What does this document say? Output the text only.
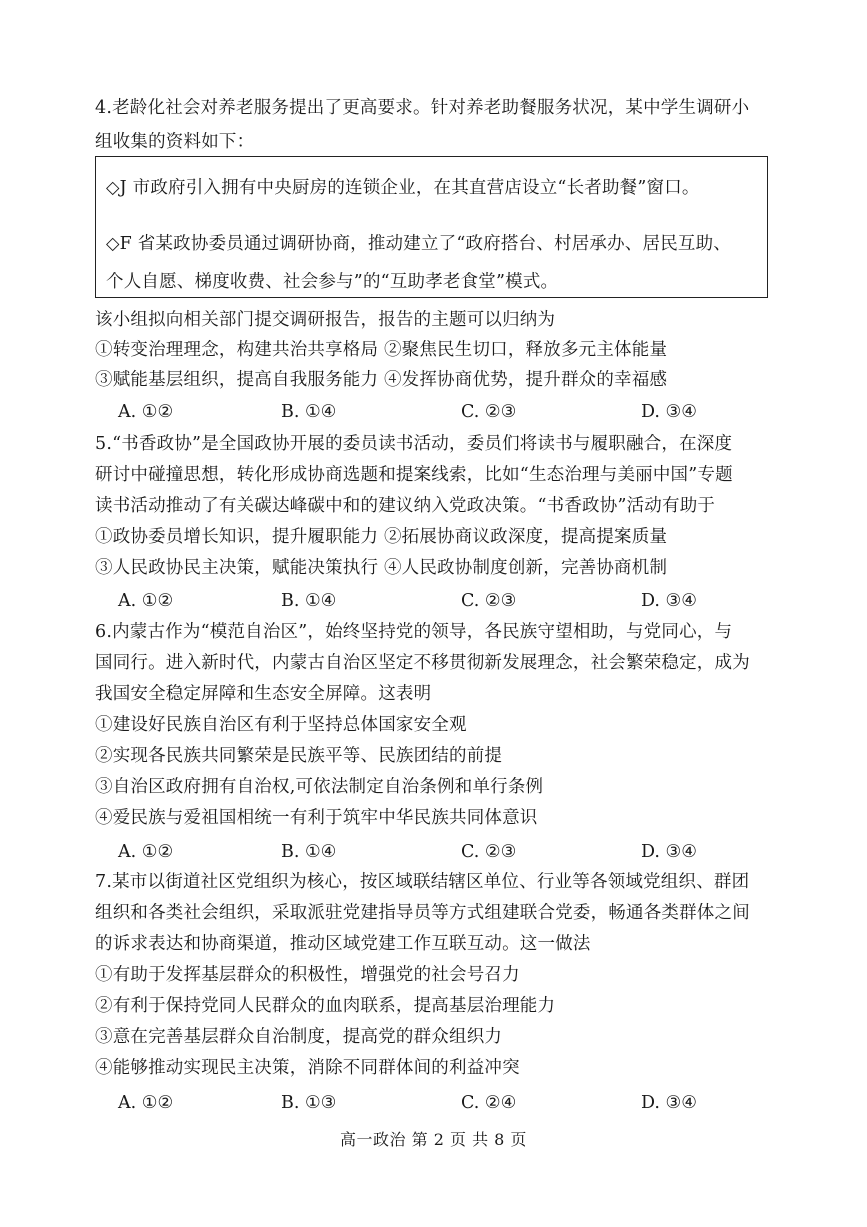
4.老龄化社会对养老服务提出了更高要求。针对养老助餐服务状况，某中学生调研小
组收集的资料如下：
◇J 市政府引入拥有中央厨房的连锁企业，在其直营店设立“长者助餐”窗口。
◇F 省某政协委员通过调研协商，推动建立了“政府搭台、村居承办、居民互助、
个人自愿、梯度收费、社会参与”的“互助孝老食堂”模式。
该小组拟向相关部门提交调研报告，报告的主题可以归纳为
①转变治理理念，构建共治共享格局 ②聚焦民生切口，释放多元主体能量
③赋能基层组织，提高自我服务能力 ④发挥协商优势，提升群众的幸福感
A. ①②	B. ①④	C. ②③	D. ③④
5.“书香政协”是全国政协开展的委员读书活动，委员们将读书与履职融合，在深度
研讨中碰撞思想，转化形成协商选题和提案线索，比如“生态治理与美丽中国”专题
读书活动推动了有关碳达峰碳中和的建议纳入党政决策。“书香政协”活动有助于
①政协委员增长知识，提升履职能力 ②拓展协商议政深度，提高提案质量
③人民政协民主决策，赋能决策执行 ④人民政协制度创新，完善协商机制
A. ①②	B. ①④	C. ②③	D. ③④
6.内蒙古作为“模范自治区”，始终坚持党的领导，各民族守望相助，与党同心，与
国同行。进入新时代，内蒙古自治区坚定不移贯彻新发展理念，社会繁荣稳定，成为
我国安全稳定屏障和生态安全屏障。这表明
①建设好民族自治区有利于坚持总体国家安全观
②实现各民族共同繁荣是民族平等、民族团结的前提
③自治区政府拥有自治权,可依法制定自治条例和单行条例
④爱民族与爱祖国相统一有利于筑牢中华民族共同体意识
A. ①②	B. ①④	C. ②③	D. ③④
7.某市以街道社区党组织为核心，按区域联结辖区单位、行业等各领域党组织、群团
组织和各类社会组织，采取派驻党建指导员等方式组建联合党委，畅通各类群体之间
的诉求表达和协商渠道，推动区域党建工作互联互动。这一做法
①有助于发挥基层群众的积极性，增强党的社会号召力
②有利于保持党同人民群众的血肉联系，提高基层治理能力
③意在完善基层群众自治制度，提高党的群众组织力
④能够推动实现民主决策，消除不同群体间的利益冲突
A. ①②	B. ①③	C. ②④	D. ③④
高一政治 第 2 页 共 8 页
